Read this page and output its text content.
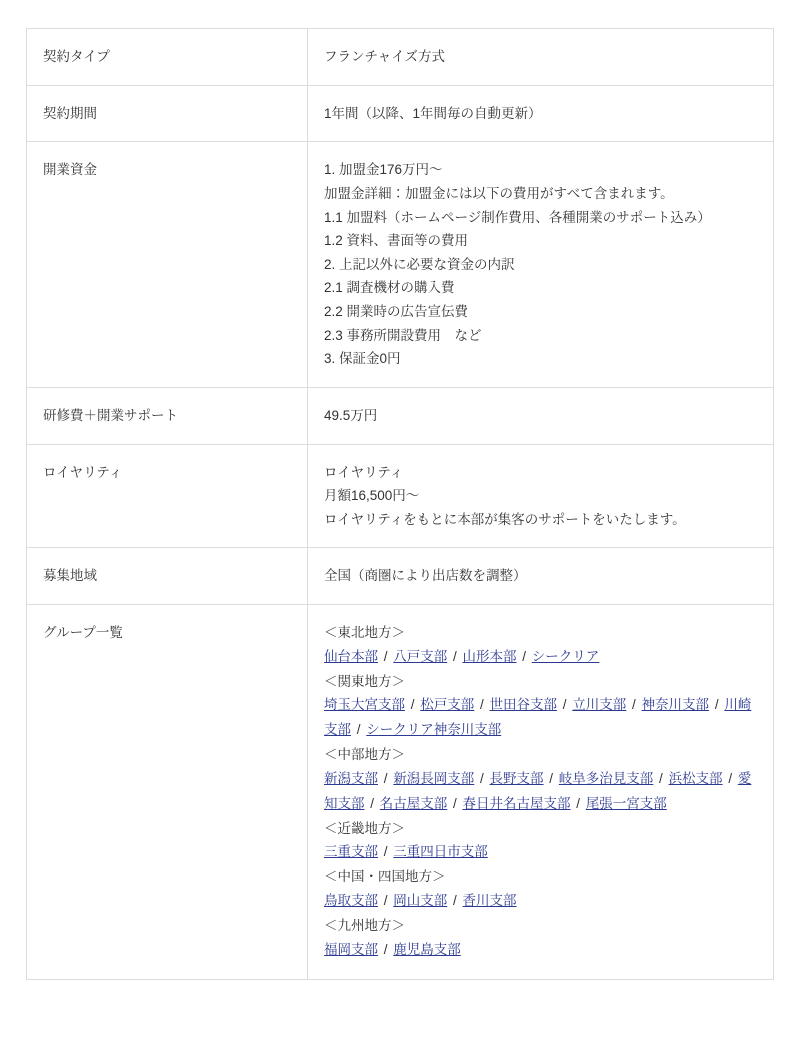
契約タイプ	フランチャイズ方式

契約期間	1年間（以降、1年間毎の自動更新）

開業資金	1. 加盟金176万円〜
加盟金詳細：加盟金には以下の費用がすべて含まれます。
1.1 加盟料（ホームページ制作費用、各種開業のサポート込み）
1.2 資料、書面等の費用
2. 上記以外に必要な資金の内訳
2.1 調査機材の購入費
2.2 開業時の広告宣伝費
2.3 事務所開設費用　など
3. 保証金0円

研修費＋開業サポート	49.5万円

ロイヤリティ	ロイヤリティ
月額16,500円〜
ロイヤリティをもとに本部が集客のサポートをいたします。

募集地域	全国（商圏により出店数を調整）

グループ一覧	＜東北地方＞
仙台本部 / 八戸支部 / 山形本部 / シークリア
＜関東地方＞
埼玉大宮支部 / 松戸支部 / 世田谷支部 / 立川支部 / 神奈川支部 / 川崎支部 / シークリア神奈川支部
＜中部地方＞
新潟支部 / 新潟長岡支部 / 長野支部 / 岐阜多治見支部 / 浜松支部 / 愛知支部 / 名古屋支部 / 春日井名古屋支部 / 尾張一宮支部
＜近畿地方＞
三重支部 / 三重四日市支部
＜中国・四国地方＞
鳥取支部 / 岡山支部 / 香川支部
＜九州地方＞
福岡支部 / 鹿児島支部
